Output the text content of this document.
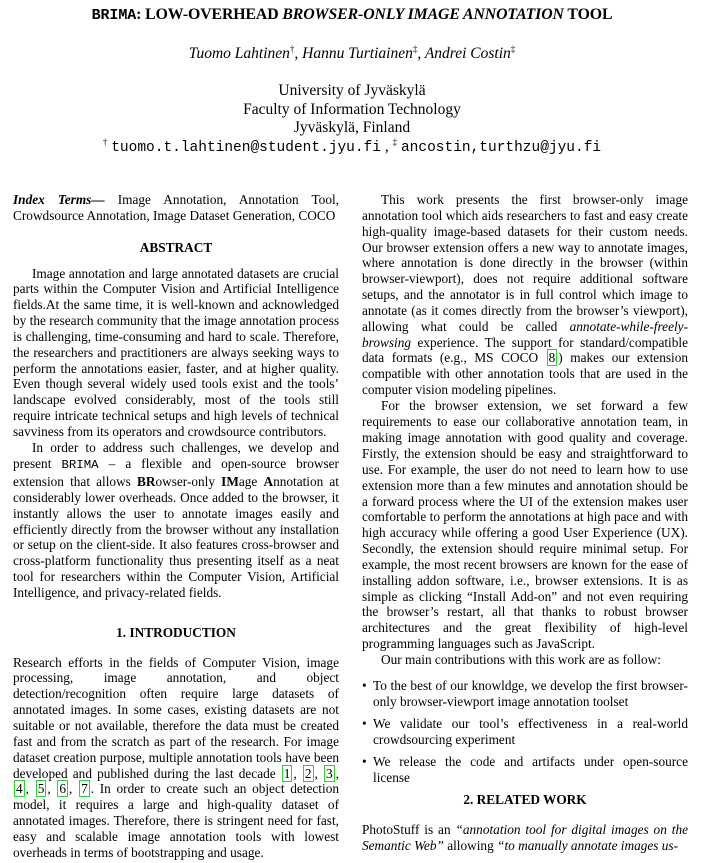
BRIMA: LOW-OVERHEAD BROWSER-ONLY IMAGE ANNOTATION TOOL
Tuomo Lahtinen†, Hannu Turtiainen‡, Andrei Costin‡
University of Jyväskylä
Faculty of Information Technology
Jyväskylä, Finland
† tuomo.t.lahtinen@student.jyu.fi , ‡ ancostin,turthzu@jyu.fi

Index Terms— Image Annotation, Annotation Tool, Crowdsource Annotation, Image Dataset Generation, COCO

ABSTRACT

Image annotation and large annotated datasets are crucial parts within the Computer Vision and Artificial Intelligence fields.At the same time, it is well-known and acknowledged by the research community that the image annotation process is challenging, time-consuming and hard to scale. Therefore, the researchers and practitioners are always seeking ways to perform the annotations easier, faster, and at higher quality. Even though several widely used tools exist and the tools’ landscape evolved considerably, most of the tools still require intricate technical setups and high levels of technical savviness from its operators and crowdsource contributors.

In order to address such challenges, we develop and present BRIMA – a flexible and open-source browser extension that allows BRowser-only IMage Annotation at considerably lower overheads. Once added to the browser, it instantly allows the user to annotate images easily and efficiently directly from the browser without any installation or setup on the client-side. It also features cross-browser and cross-platform functionality thus presenting itself as a neat tool for researchers within the Computer Vision, Artificial Intelligence, and privacy-related fields.

1. INTRODUCTION

Research efforts in the fields of Computer Vision, image processing, image annotation, and object detection/recognition often require large datasets of annotated images. In some cases, existing datasets are not suitable or not available, therefore the data must be created fast and from the scratch as part of the research. For image dataset creation purpose, multiple annotation tools have been developed and published during the last decade 1 , 2 , 3 , 4 , 5 , 6 , 7 . In order to create such an object detection model, it requires a large and high-quality dataset of annotated images. Therefore, there is stringent need for fast, easy and scalable image annotation tools with lowest overheads in terms of bootstrapping and usage.

This work presents the first browser-only image annotation tool which aids researchers to fast and easy create high-quality image-based datasets for their custom needs. Our browser extension offers a new way to annotate images, where annotation is done directly in the browser (within browser-viewport), does not require additional software setups, and the annotator is in full control which image to annotate (as it comes directly from the browser’s viewport), allowing what could be called annotate-while-freely-browsing experience. The support for standard/compatible data formats (e.g., MS COCO 8 ) makes our extension compatible with other annotation tools that are used in the computer vision modeling pipelines.

For the browser extension, we set forward a few requirements to ease our collaborative annotation team, in making image annotation with good quality and coverage. Firstly, the extension should be easy and straightforward to use. For example, the user do not need to learn how to use extension more than a few minutes and annotation should be a forward process where the UI of the extension makes user comfortable to perform the annotations at high pace and with high accuracy while offering a good User Experience (UX). Secondly, the extension should require minimal setup. For example, the most recent browsers are known for the ease of installing addon software, i.e., browser extensions. It is as simple as clicking “Install Add-on” and not even requiring the browser’s restart, all that thanks to robust browser architectures and the great flexibility of high-level programming languages such as JavaScript.

Our main contributions with this work are as follow:

• To the best of our knowldge, we develop the first browser-only browser-viewport image annotation toolset
• We validate our tool’s effectiveness in a real-world crowdsourcing experiment
• We release the code and artifacts under open-source license

2. RELATED WORK

PhotoStuff is an “annotation tool for digital images on the Semantic Web” allowing “to manually annotate images us-
